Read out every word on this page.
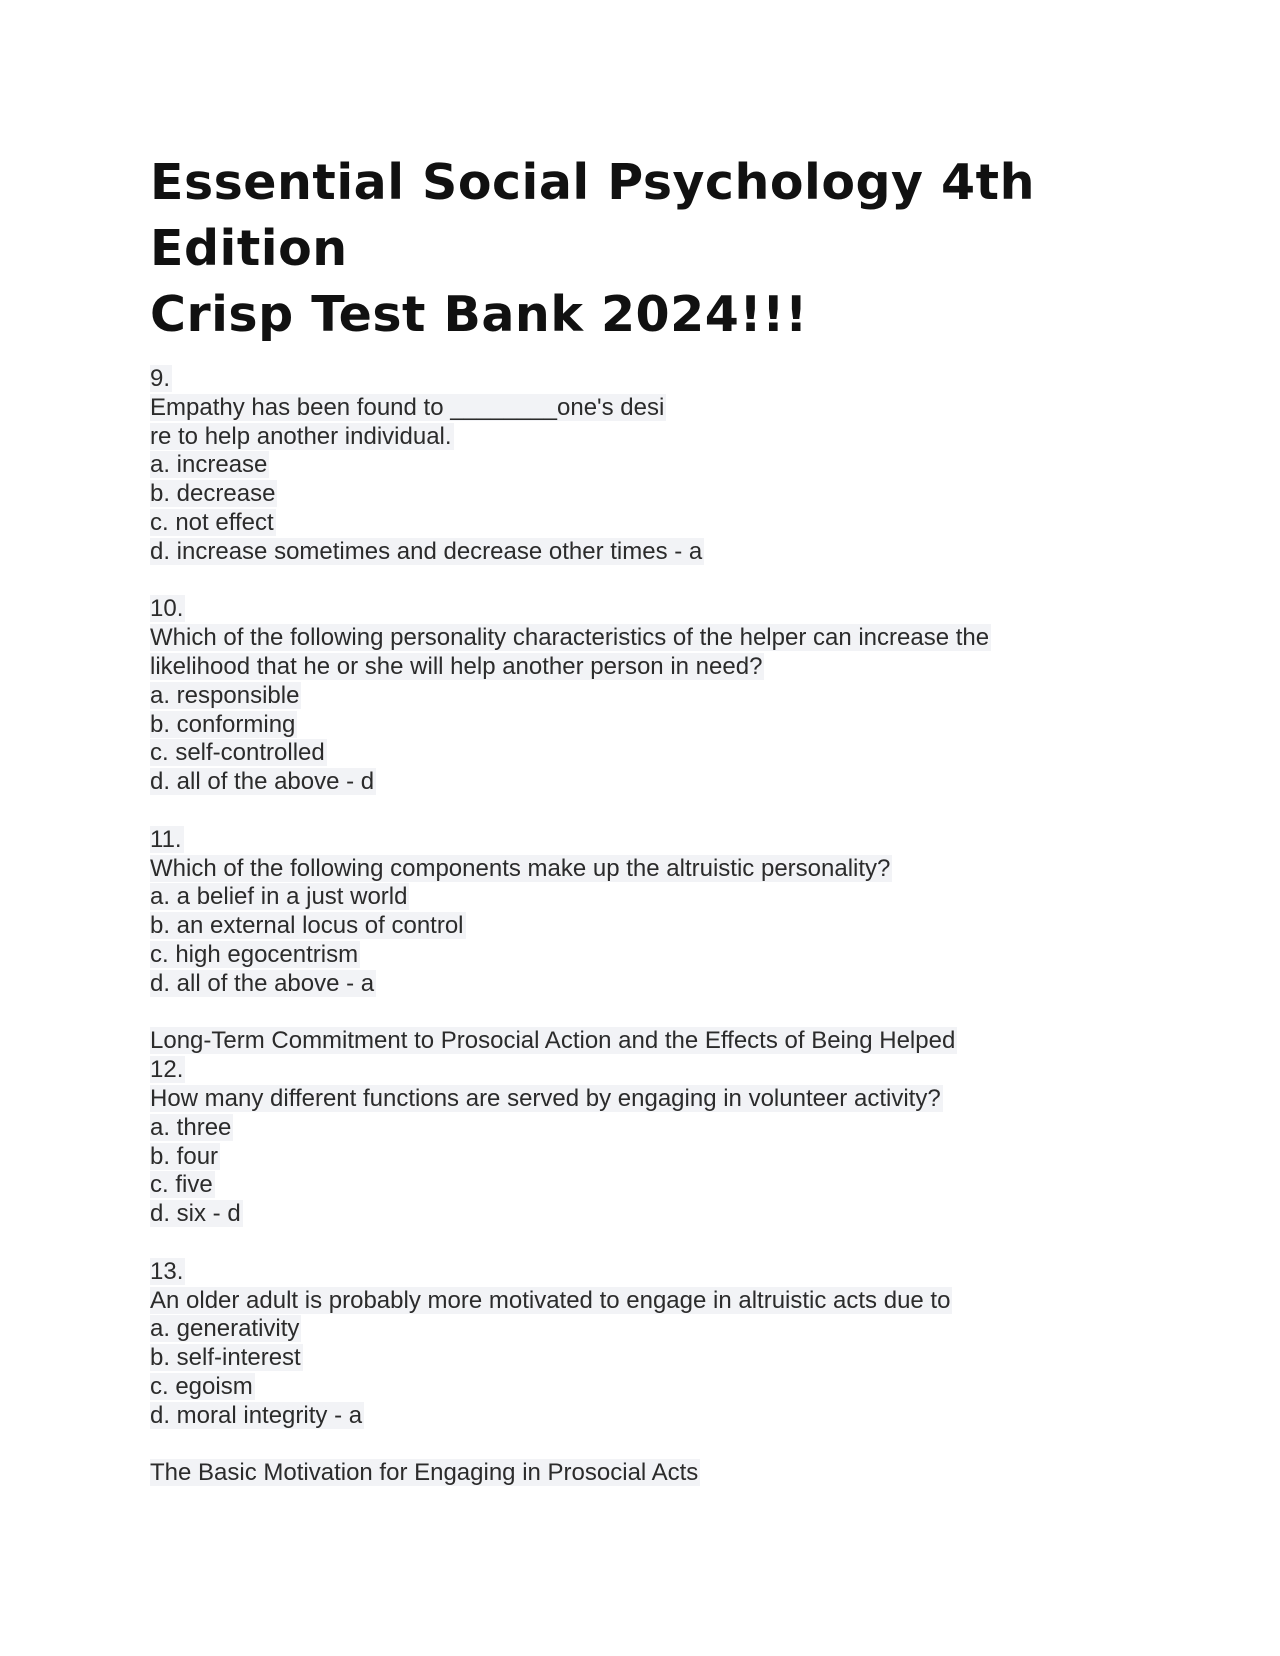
Essential Social Psychology 4th Edition
Crisp Test Bank 2024!!!
9.
Empathy has been found to ________one's desi
re to help another individual.
a. increase
b. decrease
c. not effect
d. increase sometimes and decrease other times - a
10.
Which of the following personality characteristics of the helper can increase the
likelihood that he or she will help another person in need?
a. responsible
b. conforming
c. self-controlled
d. all of the above - d
11.
Which of the following components make up the altruistic personality?
a. a belief in a just world
b. an external locus of control
c. high egocentrism
d. all of the above - a
Long-Term Commitment to Prosocial Action and the Effects of Being Helped
12.
How many different functions are served by engaging in volunteer activity?
a. three
b. four
c. five
d. six - d
13.
An older adult is probably more motivated to engage in altruistic acts due to
a. generativity
b. self-interest
c. egoism
d. moral integrity - a
The Basic Motivation for Engaging in Prosocial Acts
